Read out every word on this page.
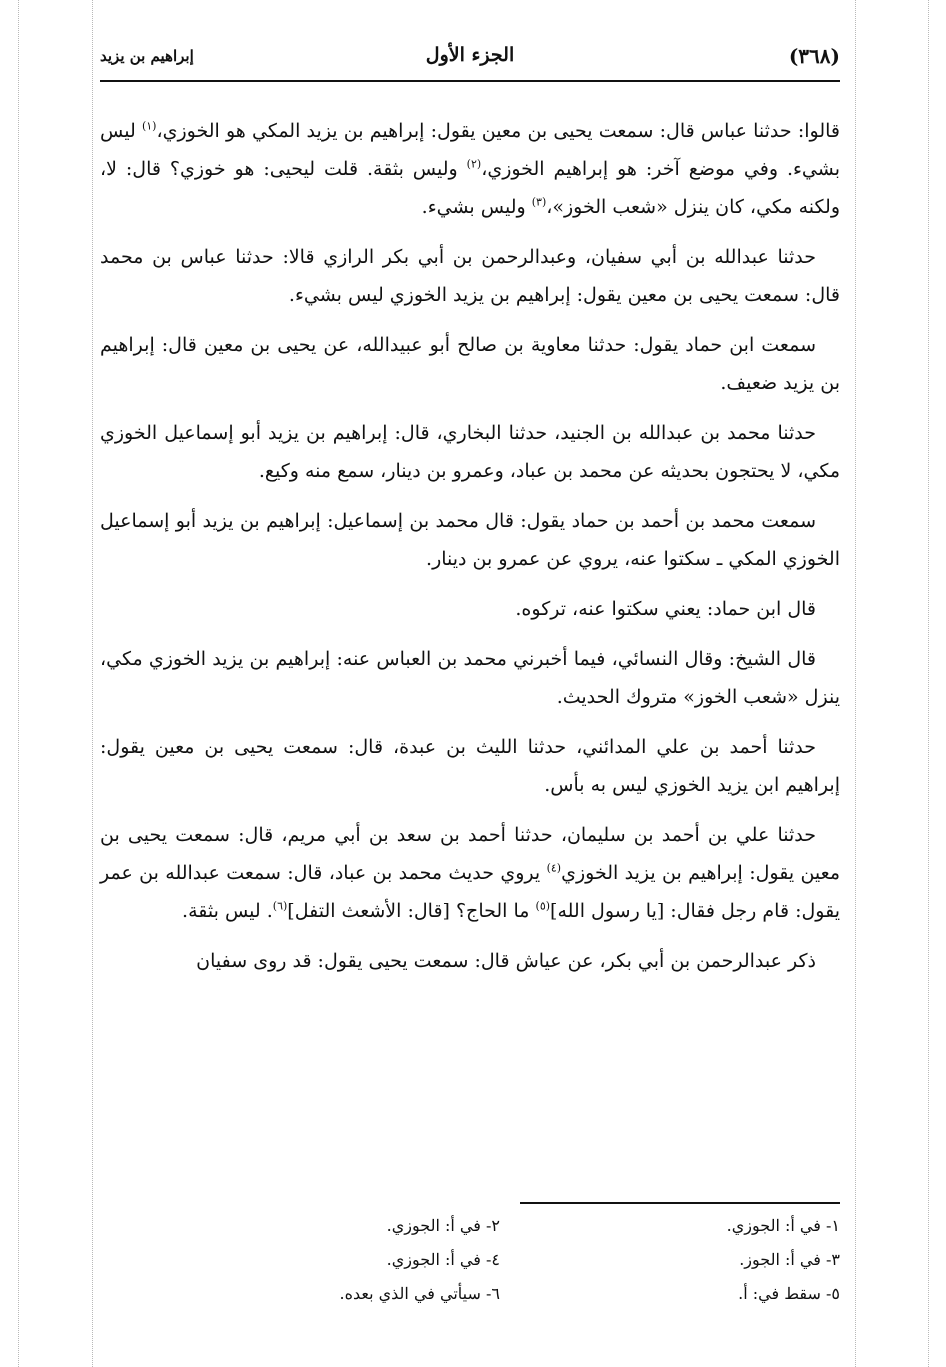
(٣٦٨)
الجزء الأول
إبراهيم بن يزيد

قالوا: حدثنا عباس قال: سمعت يحيى بن معين يقول: إبراهيم بن يزيد المكي هو الخوزي،$^{(١)}$ ليس بشيء. وفي موضع آخر: هو إبراهيم الخوزي،$^{(٢)}$ وليس بثقة. قلت ليحيى: هو خوزي؟ قال: لا، ولكنه مكي، كان ينزل «شعب الخوز»،$^{(٣)}$ وليس بشيء.

حدثنا عبدالله بن أبي سفيان، وعبدالرحمن بن أبي بكر الرازي قالا: حدثنا عباس بن محمد قال: سمعت يحيى بن معين يقول: إبراهيم بن يزيد الخوزي ليس بشيء.

سمعت ابن حماد يقول: حدثنا معاوية بن صالح أبو عبيدالله، عن يحيى بن معين قال: إبراهيم بن يزيد ضعيف.

حدثنا محمد بن عبدالله بن الجنيد، حدثنا البخاري، قال: إبراهيم بن يزيد أبو إسماعيل الخوزي مكي، لا يحتجون بحديثه عن محمد بن عباد، وعمرو بن دينار، سمع منه وكيع.

سمعت محمد بن أحمد بن حماد يقول: قال محمد بن إسماعيل: إبراهيم بن يزيد أبو إسماعيل الخوزي المكي ـ سكتوا عنه، يروي عن عمرو بن دينار.

قال ابن حماد: يعني سكتوا عنه، تركوه.

قال الشيخ: وقال النسائي، فيما أخبرني محمد بن العباس عنه: إبراهيم بن يزيد الخوزي مكي، ينزل «شعب الخوز» متروك الحديث.

حدثنا أحمد بن علي المدائني، حدثنا الليث بن عبدة، قال: سمعت يحيى بن معين يقول: إبراهيم ابن يزيد الخوزي ليس به بأس.

حدثنا علي بن أحمد بن سليمان، حدثنا أحمد بن سعد بن أبي مريم، قال: سمعت يحيى بن معين يقول: إبراهيم بن يزيد الخوزي$^{(٤)}$ يروي حديث محمد بن عباد، قال: سمعت عبدالله بن عمر يقول: قام رجل فقال: [يا رسول الله]$^{(٥)}$ ما الحاج؟ [قال: الأشعث التفل]$^{(٦)}$. ليس بثقة.

ذكر عبدالرحمن بن أبي بكر، عن عياش قال: سمعت يحيى يقول: قد روى سفيان

١- في أ: الجوزي.
٢- في أ: الجوزي.
٣- في أ: الجوز.
٤- في أ: الجوزي.
٥- سقط في: أ.
٦- سيأتي في الذي بعده.
